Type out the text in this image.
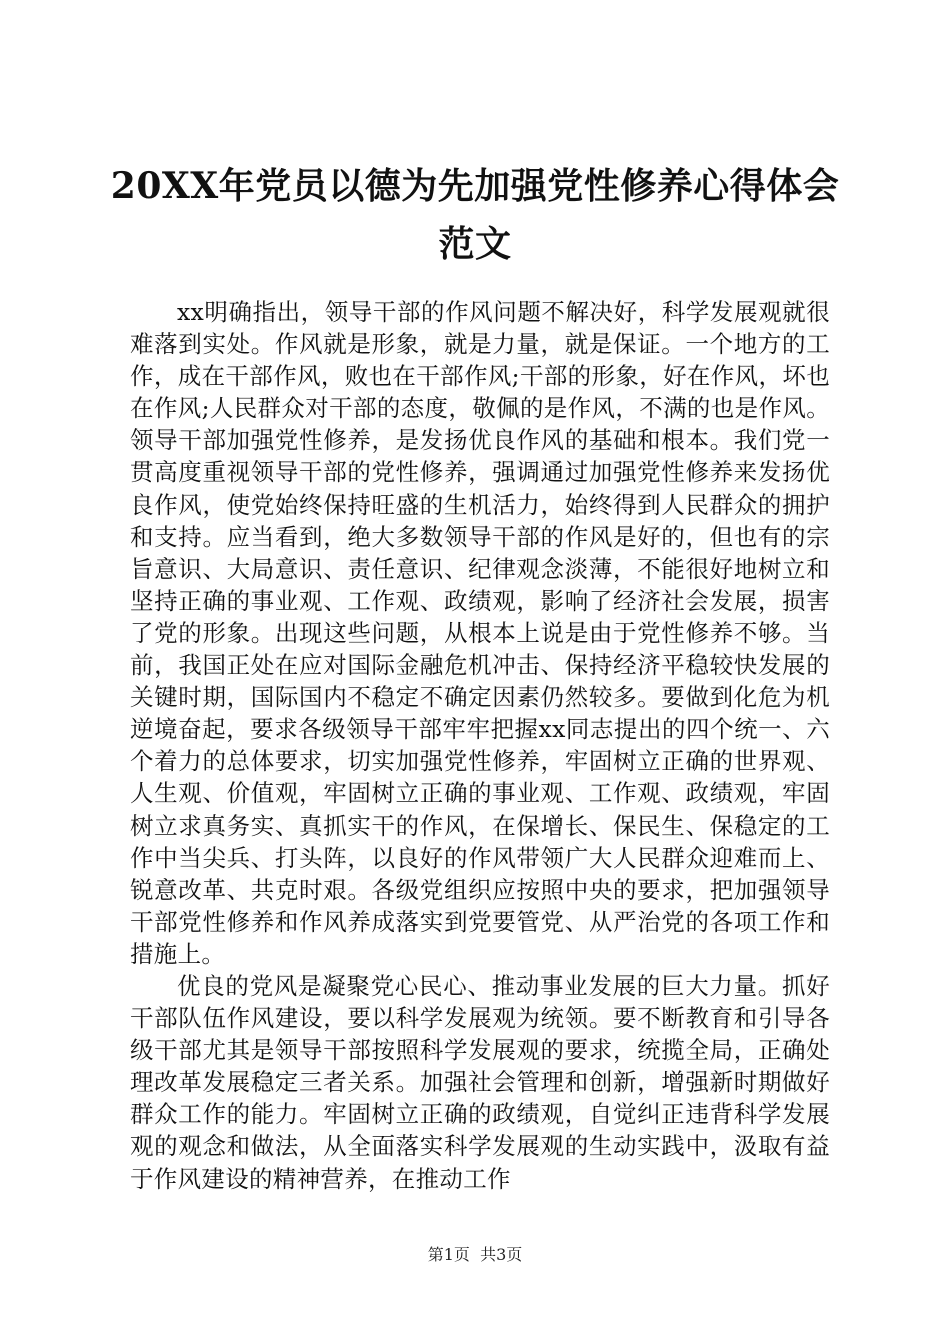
20XX年党员以德为先加强党性修养心得体会
范文

xx明确指出，领导干部的作风问题不解决好，科学发展观就很难落到实处。作风就是形象，就是力量，就是保证。一个地方的工作，成在干部作风，败也在干部作风;干部的形象，好在作风，坏也在作风;人民群众对干部的态度，敬佩的是作风，不满的也是作风。领导干部加强党性修养，是发扬优良作风的基础和根本。我们党一贯高度重视领导干部的党性修养，强调通过加强党性修养来发扬优良作风，使党始终保持旺盛的生机活力，始终得到人民群众的拥护和支持。应当看到，绝大多数领导干部的作风是好的，但也有的宗旨意识、大局意识、责任意识、纪律观念淡薄，不能很好地树立和坚持正确的事业观、工作观、政绩观，影响了经济社会发展，损害了党的形象。出现这些问题，从根本上说是由于党性修养不够。当前，我国正处在应对国际金融危机冲击、保持经济平稳较快发展的关键时期，国际国内不稳定不确定因素仍然较多。要做到化危为机逆境奋起，要求各级领导干部牢牢把握xx同志提出的四个统一、六个着力的总体要求，切实加强党性修养，牢固树立正确的世界观、人生观、价值观，牢固树立正确的事业观、工作观、政绩观，牢固树立求真务实、真抓实干的作风，在保增长、保民生、保稳定的工作中当尖兵、打头阵，以良好的作风带领广大人民群众迎难而上、锐意改革、共克时艰。各级党组织应按照中央的要求，把加强领导干部党性修养和作风养成落实到党要管党、从严治党的各项工作和措施上。

优良的党风是凝聚党心民心、推动事业发展的巨大力量。抓好干部队伍作风建设，要以科学发展观为统领。要不断教育和引导各级干部尤其是领导干部按照科学发展观的要求，统揽全局，正确处理改革发展稳定三者关系。加强社会管理和创新，增强新时期做好群众工作的能力。牢固树立正确的政绩观，自觉纠正违背科学发展观的观念和做法，从全面落实科学发展观的生动实践中，汲取有益于作风建设的精神营养，在推动工作

第1页 共3页
